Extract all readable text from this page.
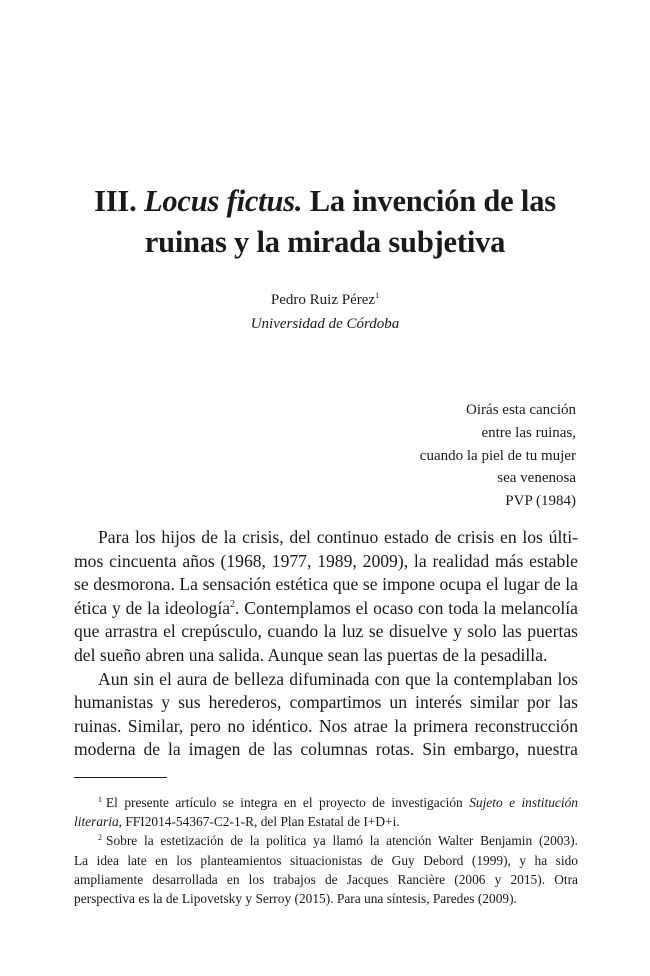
III. Locus fictus. La invención de las
ruinas y la mirada subjetiva
Pedro Ruiz Pérez$^1$
Universidad de Córdoba
Oirás esta canción
entre las ruinas,
cuando la piel de tu mujer
sea venenosa
PVP (1984)
Para los hijos de la crisis, del continuo estado de crisis en los últi-
mos cincuenta años (1968, 1977, 1989, 2009), la realidad más estable
se desmorona. La sensación estética que se impone ocupa el lugar de la
ética y de la ideología$^2$. Contemplamos el ocaso con toda la melancolía
que arrastra el crepúsculo, cuando la luz se disuelve y solo las puertas
del sueño abren una salida. Aunque sean las puertas de la pesadilla.
Aun sin el aura de belleza difuminada con que la contemplaban los
humanistas y sus herederos, compartimos un interés similar por las
ruinas. Similar, pero no idéntico. Nos atrae la primera reconstrucción
moderna de la imagen de las columnas rotas. Sin embargo, nuestra
$^1$ El presente artículo se integra en el proyecto de investigación Sujeto e institución
literaria, FFI2014-54367-C2-1-R, del Plan Estatal de I+D+i.
$^2$ Sobre la estetización de la política ya llamó la atención Walter Benjamin (2003).
La idea late en los planteamientos situacionistas de Guy Debord (1999), y ha sido
ampliamente desarrollada en los trabajos de Jacques Rancière (2006 y 2015). Otra
perspectiva es la de Lipovetsky y Serroy (2015). Para una síntesis, Paredes (2009).
